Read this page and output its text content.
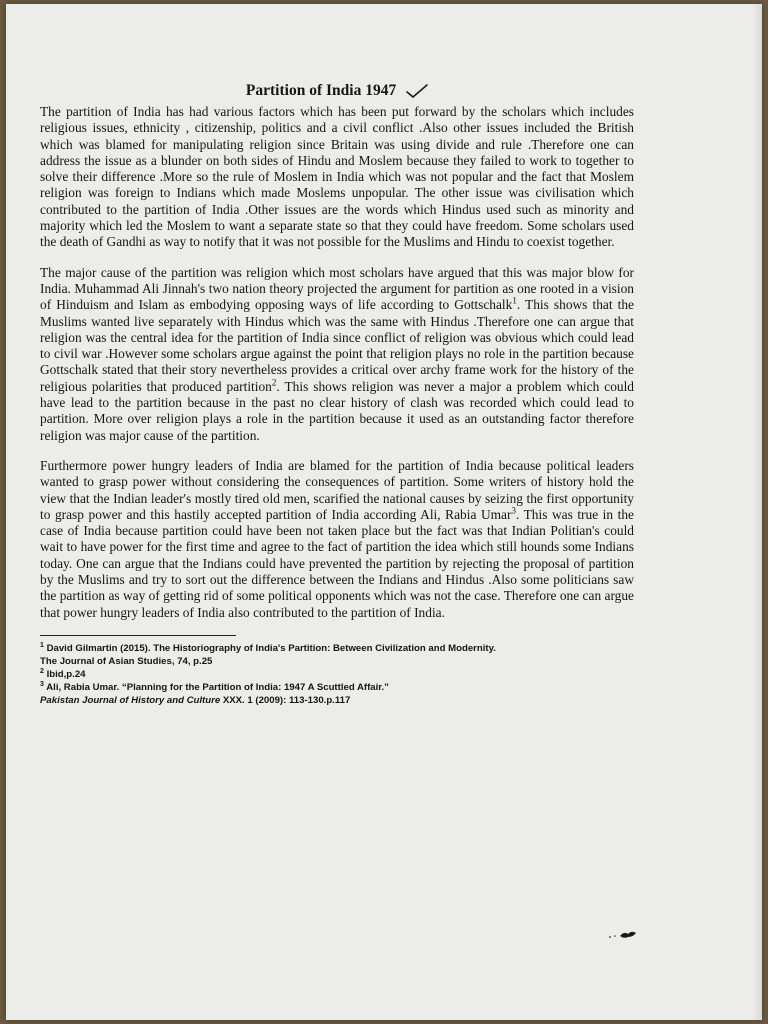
Partition of India 1947

The partition of India has had various factors which has been put forward by the scholars which includes religious issues, ethnicity , citizenship, politics and a civil conflict .Also other issues included the British which was blamed for manipulating religion since Britain was using divide and rule .Therefore one can address the issue as a blunder on both sides of Hindu and Moslem because they failed to work to together to solve their difference .More so the rule of Moslem in India which was not popular and the fact that Moslem religion was foreign to Indians which made Moslems unpopular. The other issue was civilisation which contributed to the partition of India .Other issues are the words which Hindus used such as minority and majority which led the Moslem to want a separate state so that they could have freedom. Some scholars used the death of Gandhi as way to notify that it was not possible for the Muslims and Hindu to coexist together.

The major cause of the partition was religion which most scholars have argued that this was major blow for India. Muhammad Ali Jinnah's two nation theory projected the argument for partition as one rooted in a vision of Hinduism and Islam as embodying opposing ways of life according to Gottschalk$^1$. This shows that the Muslims wanted live separately with Hindus which was the same with Hindus .Therefore one can argue that religion was the central idea for the partition of India since conflict of religion was obvious which could lead to civil war .However some scholars argue against the point that religion plays no role in the partition because Gottschalk stated that their story nevertheless provides a critical over archy frame work for the history of the religious polarities that produced partition$^2$. This shows religion was never a major a problem which could have lead to the partition because in the past no clear history of clash was recorded which could lead to partition. More over religion plays a role in the partition because it used as an outstanding factor therefore religion was major cause of the partition.

Furthermore power hungry leaders of India are blamed for the partition of India because political leaders wanted to grasp power without considering the consequences of partition. Some writers of history hold the view that the Indian leader's mostly tired old men, scarified the national causes by seizing the first opportunity to grasp power and this hastily accepted partition of India according Ali, Rabia Umar$^3$. This was true in the case of India because partition could have been not taken place but the fact was that Indian Politian's could wait to have power for the first time and agree to the fact of partition the idea which still hounds some Indians today. One can argue that the Indians could have prevented the partition by rejecting the proposal of partition by the Muslims and try to sort out the difference between the Indians and Hindus .Also some politicians saw the partition as way of getting rid of some political opponents which was not the case. Therefore one can argue that power hungry leaders of India also contributed to the partition of India.

$^1$ David Gilmartin (2015). The Historiography of India's Partition: Between Civilization and Modernity. The Journal of Asian Studies, 74, p.25

$^2$ Ibid,p.24

$^3$ Ali, Rabia Umar. “Planning for the Partition of India: 1947 A Scuttled Affair.”
Pakistan Journal of History and Culture XXX. 1 (2009): 113-130.p.117
